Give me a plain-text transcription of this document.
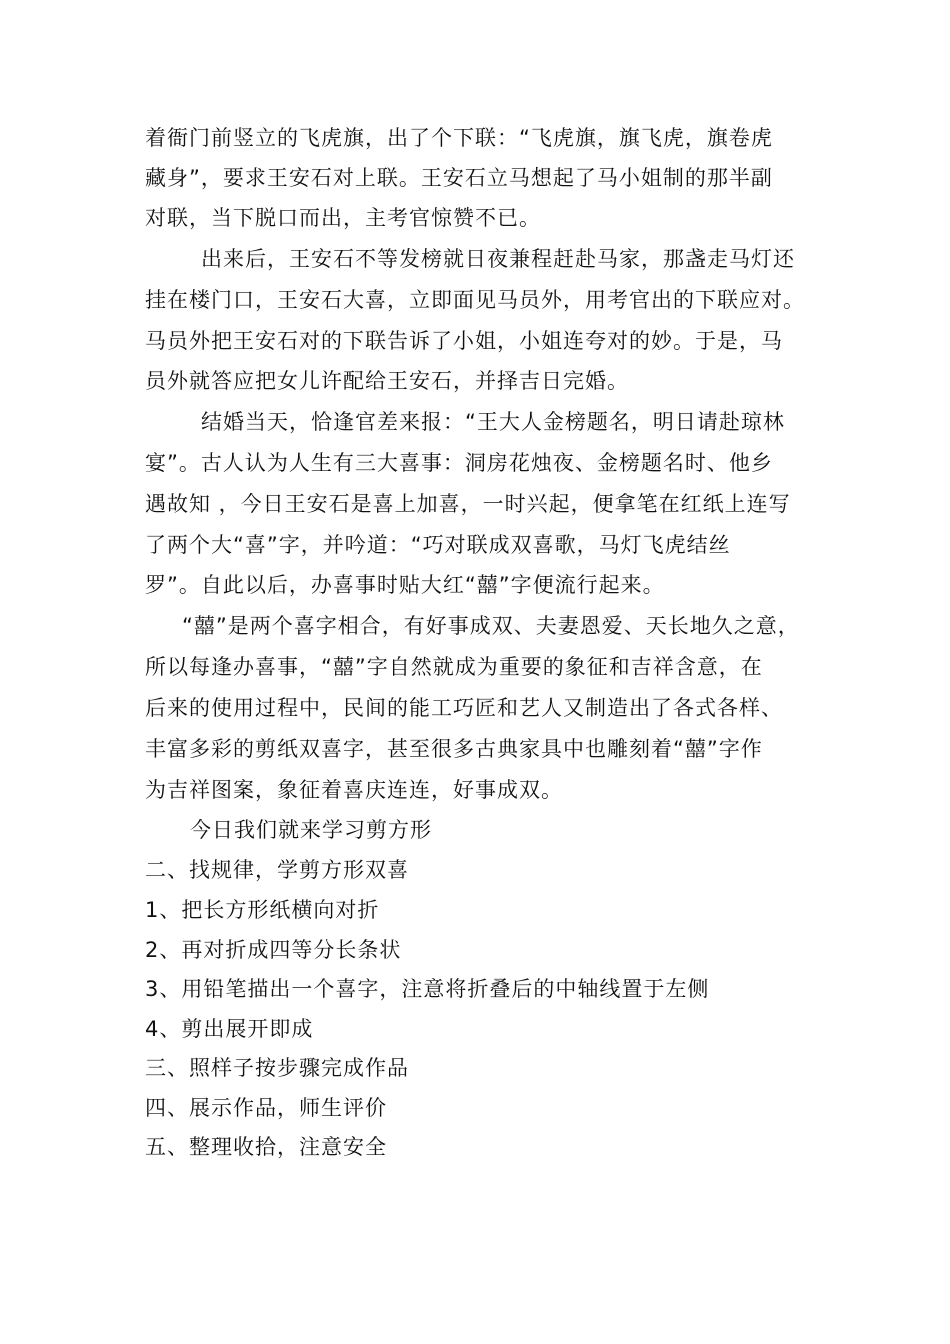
着衙门前竖立的飞虎旗，出了个下联：“飞虎旗，旗飞虎，旗卷虎
藏身”，要求王安石对上联。王安石立马想起了马小姐制的那半副
对联，当下脱口而出，主考官惊赞不已。
出来后，王安石不等发榜就日夜兼程赶赴马家，那盏走马灯还
挂在楼门口，王安石大喜，立即面见马员外，用考官出的下联应对。
马员外把王安石对的下联告诉了小姐，小姐连夸对的妙。于是，马
员外就答应把女儿许配给王安石，并择吉日完婚。
结婚当天，恰逢官差来报：“王大人金榜题名，明日请赴琼林
宴”。古人认为人生有三大喜事：洞房花烛夜、金榜题名时、他乡
遇故知 ，今日王安石是喜上加喜，一时兴起，便拿笔在红纸上连写
了两个大“喜”字，并吟道：“巧对联成双喜歌，马灯飞虎结丝
罗”。自此以后，办喜事时贴大红“囍”字便流行起来。
“囍”是两个喜字相合，有好事成双、夫妻恩爱、天长地久之意，
所以每逢办喜事，“囍”字自然就成为重要的象征和吉祥含意，在
后来的使用过程中，民间的能工巧匠和艺人又制造出了各式各样、
丰富多彩的剪纸双喜字，甚至很多古典家具中也雕刻着“囍”字作
为吉祥图案，象征着喜庆连连，好事成双。
今日我们就来学习剪方形
二、找规律，学剪方形双喜
1、把长方形纸横向对折
2、再对折成四等分长条状
3、用铅笔描出一个喜字，注意将折叠后的中轴线置于左侧
4、剪出展开即成
三、照样子按步骤完成作品
四、展示作品，师生评价
五、整理收拾，注意安全
